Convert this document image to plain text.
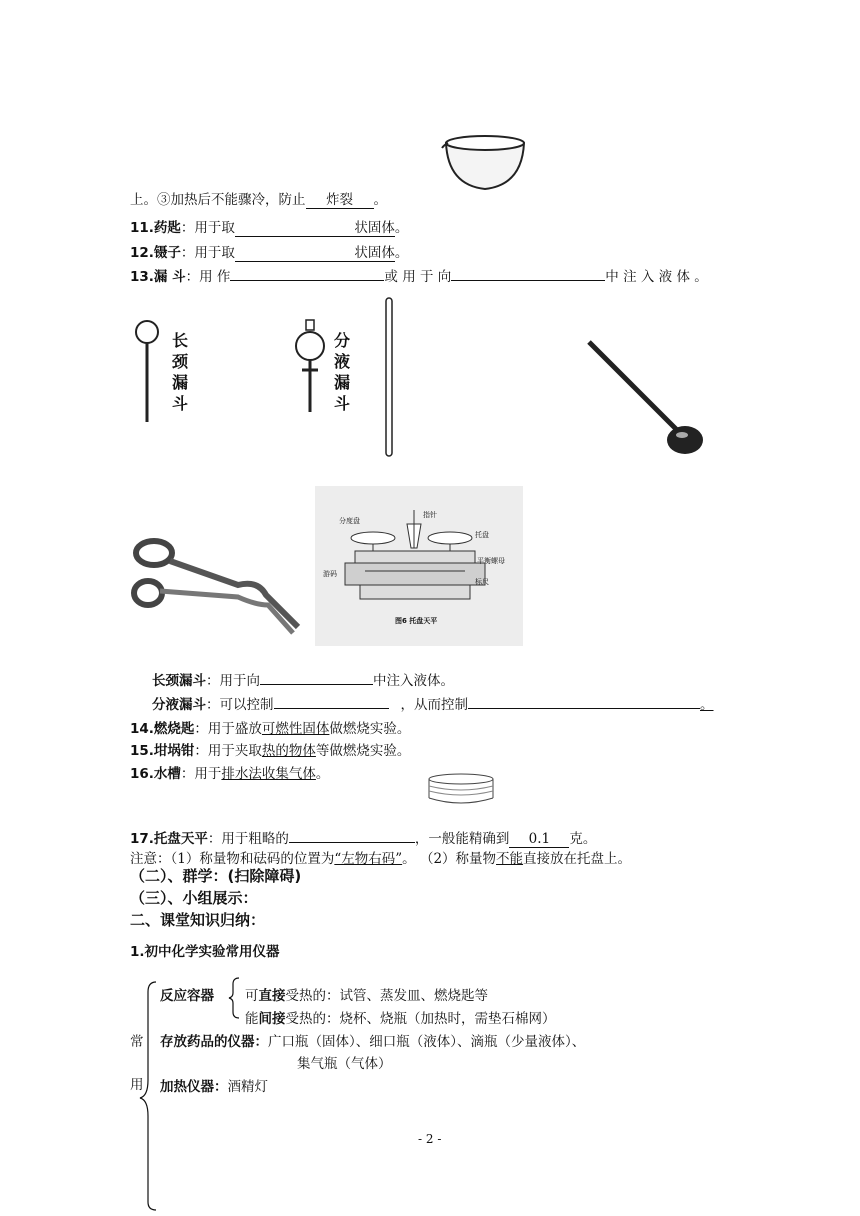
上。③加热后不能骤冷，防止 炸裂 。
11.药匙：用于取	状固体。
12.镊子：用于取	状固体。
13.漏 斗：用 作	或 用 于 向	中 注 入 液 体 。
长颈漏斗
分液漏斗
分度盘
指针
托盘
平衡螺母
游码
标尺
图6 托盘天平
长颈漏斗：用于向	中注入液体。
分液漏斗：可以控制	，从而控制	。
14.燃烧匙：用于盛放可燃性固体做燃烧实验。
15.坩埚钳：用于夹取热的物体等做燃烧实验。
16.水槽：用于排水法收集气体。
17.托盘天平：用于粗略的	，一般能精确到 0.1 克。
注意：（1）称量物和砝码的位置为“左物右码”。 （2）称量物不能直接放在托盘上。
（二）、群学：(扫除障碍)
（三）、小组展示：
二、课堂知识归纳：
1.初中化学实验常用仪器
常
用
反应容器 可直接受热的：试管、蒸发皿、燃烧匙等
能间接受热的：烧杯、烧瓶（加热时，需垫石棉网）
存放药品的仪器：广口瓶（固体）、细口瓶（液体）、滴瓶（少量液体）、
集气瓶（气体）
加热仪器：酒精灯
- 2 -
